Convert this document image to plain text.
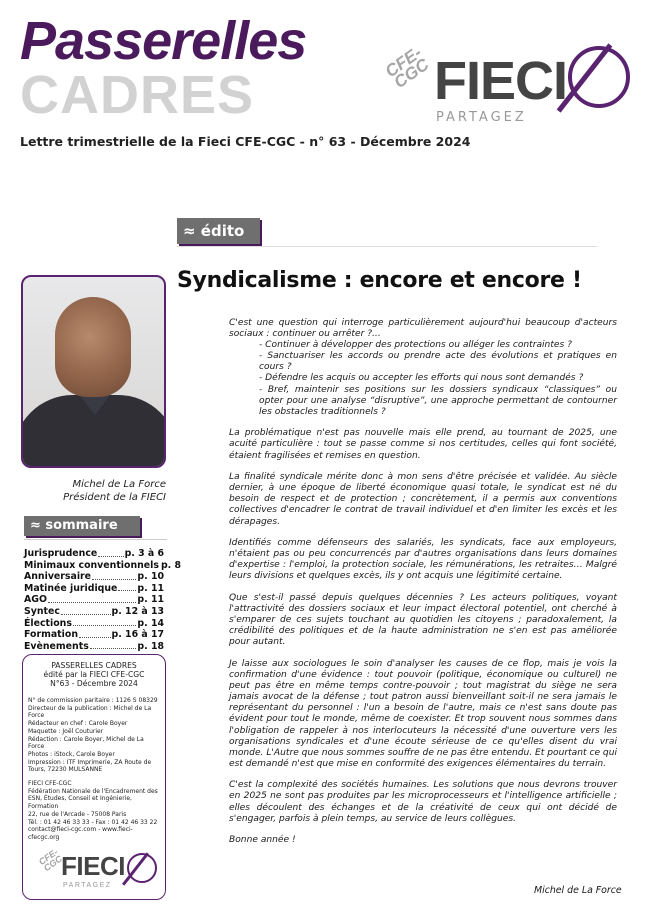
Passerelles
CADRES
Lettre trimestrielle de la Fieci CFE-CGC - n° 63 - Décembre 2024
CFE-CGC FIECI
PARTAGEZ
≈ édito
Syndicalisme : encore et encore !
Michel de La Force
Président de la FIECI
≈ sommaire
Jurisprudence	p. 3 à 6
Minimaux conventionnels p. 8
Anniversaire	p. 10
Matinée juridique p. 11
AGO	p. 11
Syntec	p. 12 à 13
Élections	p. 14
Formation	p. 16 à 17
Evènements	p. 18
PASSERELLES CADRES
édité par la FIECI CFE-CGC
N°63 - Décembre 2024
N° de commission paritaire : 1126 S 08329
Directeur de la publication : Michel de La Force
Rédacteur en chef : Carole Boyer
Maquette : Joël Couturier
Rédaction : Carole Boyer, Michel de La Force
Photos : iStock, Carole Boyer
Impression : ITF Imprimerie, ZA Route de Tours, 72230 MULSANNE
FIECI CFE-CGC
Fédération Nationale de l'Encadrement des ESN, Études, Conseil et Ingénierie, Formation
22, rue de l'Arcade - 75008 Paris
Tél. : 01 42 46 33 33 - Fax : 01 42 46 33 22
contact@fieci-cgc.com - www.fieci-cfecgc.org
CFE-CGC
FIECI
PARTAGEZ

C'est une question qui interroge particulièrement aujourd'hui beaucoup d'acteurs sociaux : continuer ou arrêter ?...

- Continuer à développer des protections ou alléger les contraintes ?
- Sanctuariser les accords ou prendre acte des évolutions et pratiques en cours ?
- Défendre les acquis ou accepter les efforts qui nous sont demandés ?
- Bref, maintenir ses positions sur les dossiers syndicaux “classiques” ou opter pour une analyse “disruptive”, une approche permettant de contourner les obstacles traditionnels ?

La problématique n'est pas nouvelle mais elle prend, au tournant de 2025, une acuité particulière : tout se passe comme si nos certitudes, celles qui font société, étaient fragilisées et remises en question.

La finalité syndicale mérite donc à mon sens d'être précisée et validée. Au siècle dernier, à une époque de liberté économique quasi totale, le syndicat est né du besoin de respect et de protection ; concrètement, il a permis aux conventions collectives d'encadrer le contrat de travail individuel et d'en limiter les excès et les dérapages.

Identifiés comme défenseurs des salariés, les syndicats, face aux employeurs, n'étaient pas ou peu concurrencés par d'autres organisations dans leurs domaines d'expertise : l'emploi, la protection sociale, les rémunérations, les retraites… Malgré leurs divisions et quelques excès, ils y ont acquis une légitimité certaine.

Que s'est-il passé depuis quelques décennies ? Les acteurs politiques, voyant l'attractivité des dossiers sociaux et leur impact électoral potentiel, ont cherché à s'emparer de ces sujets touchant au quotidien les citoyens ; paradoxalement, la crédibilité des politiques et de la haute administration ne s'en est pas améliorée pour autant.

Je laisse aux sociologues le soin d'analyser les causes de ce flop, mais je vois la confirmation d'une évidence : tout pouvoir (politique, économique ou culturel) ne peut pas être en même temps contre-pouvoir ; tout magistrat du siège ne sera jamais avocat de la défense ; tout patron aussi bienveillant soit-il ne sera jamais le représentant du personnel : l'un a besoin de l'autre, mais ce n'est sans doute pas évident pour tout le monde, même de coexister. Et trop souvent nous sommes dans l'obligation de rappeler à nos interlocuteurs la nécessité d'une ouverture vers les organisations syndicales et d'une écoute sérieuse de ce qu'elles disent du vrai monde. L'Autre que nous sommes souffre de ne pas être entendu. Et pourtant ce qui est demandé n'est que mise en conformité des exigences élémentaires du terrain.

C'est la complexité des sociétés humaines. Les solutions que nous devrons trouver en 2025 ne sont pas produites par les microprocesseurs et l'intelligence artificielle ; elles découlent des échanges et de la créativité de ceux qui ont décidé de s'engager, parfois à plein temps, au service de leurs collègues.

Bonne année !

Michel de La Force
